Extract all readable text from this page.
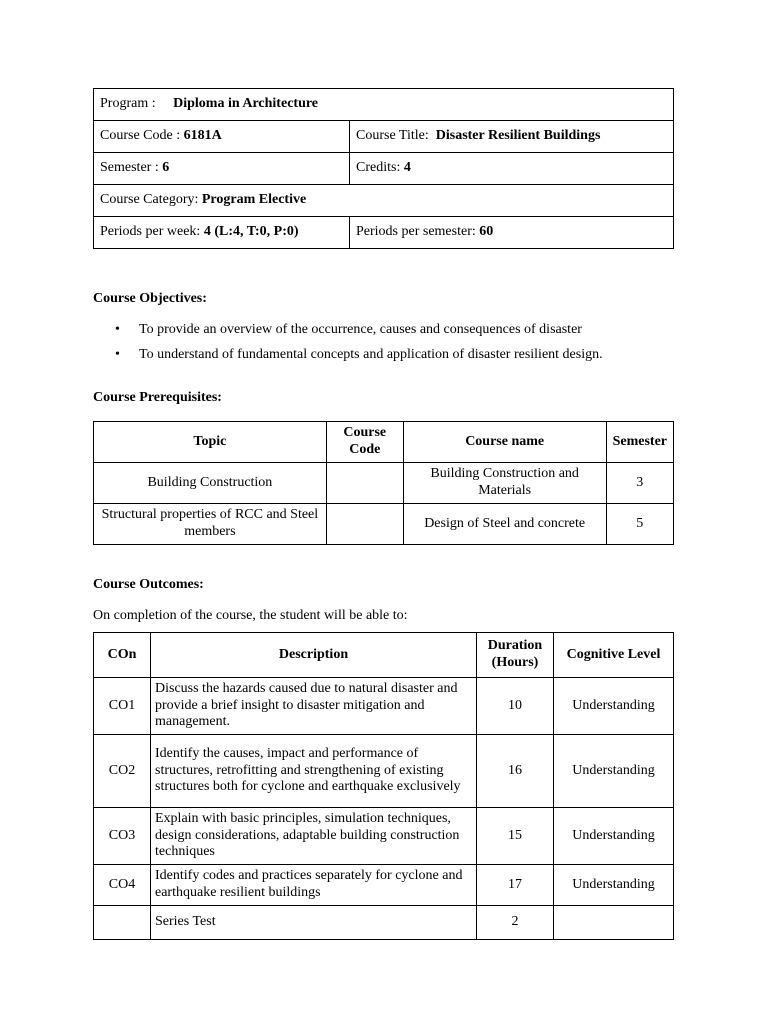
Program : Diploma in Architecture	
Course Code : 6181A	Course Title: Disaster Resilient Buildings
Semester : 6	Credits: 4
Course Category: Program Elective	
Periods per week: 4 (L:4, T:0, P:0)	Periods per semester: 60
Course Objectives:
• To provide an overview of the occurrence, causes and consequences of disaster
• To understand of fundamental concepts and application of disaster resilient design.
Course Prerequisites:
Topic	Course Code	Course name	Semester
Building Construction		Building Construction and Materials	3
Structural properties of RCC and Steel members		Design of Steel and concrete	5
Course Outcomes:
On completion of the course, the student will be able to:
COn	Description	Duration (Hours)	Cognitive Level
CO1	Discuss the hazards caused due to natural disaster and provide a brief insight to disaster mitigation and management.	10	Understanding
CO2	Identify the causes, impact and performance of structures, retrofitting and strengthening of existing structures both for cyclone and earthquake exclusively	16	Understanding
CO3	Explain with basic principles, simulation techniques, design considerations, adaptable building construction techniques	15	Understanding
CO4	Identify codes and practices separately for cyclone and earthquake resilient buildings	17	Understanding
	Series Test	2	
